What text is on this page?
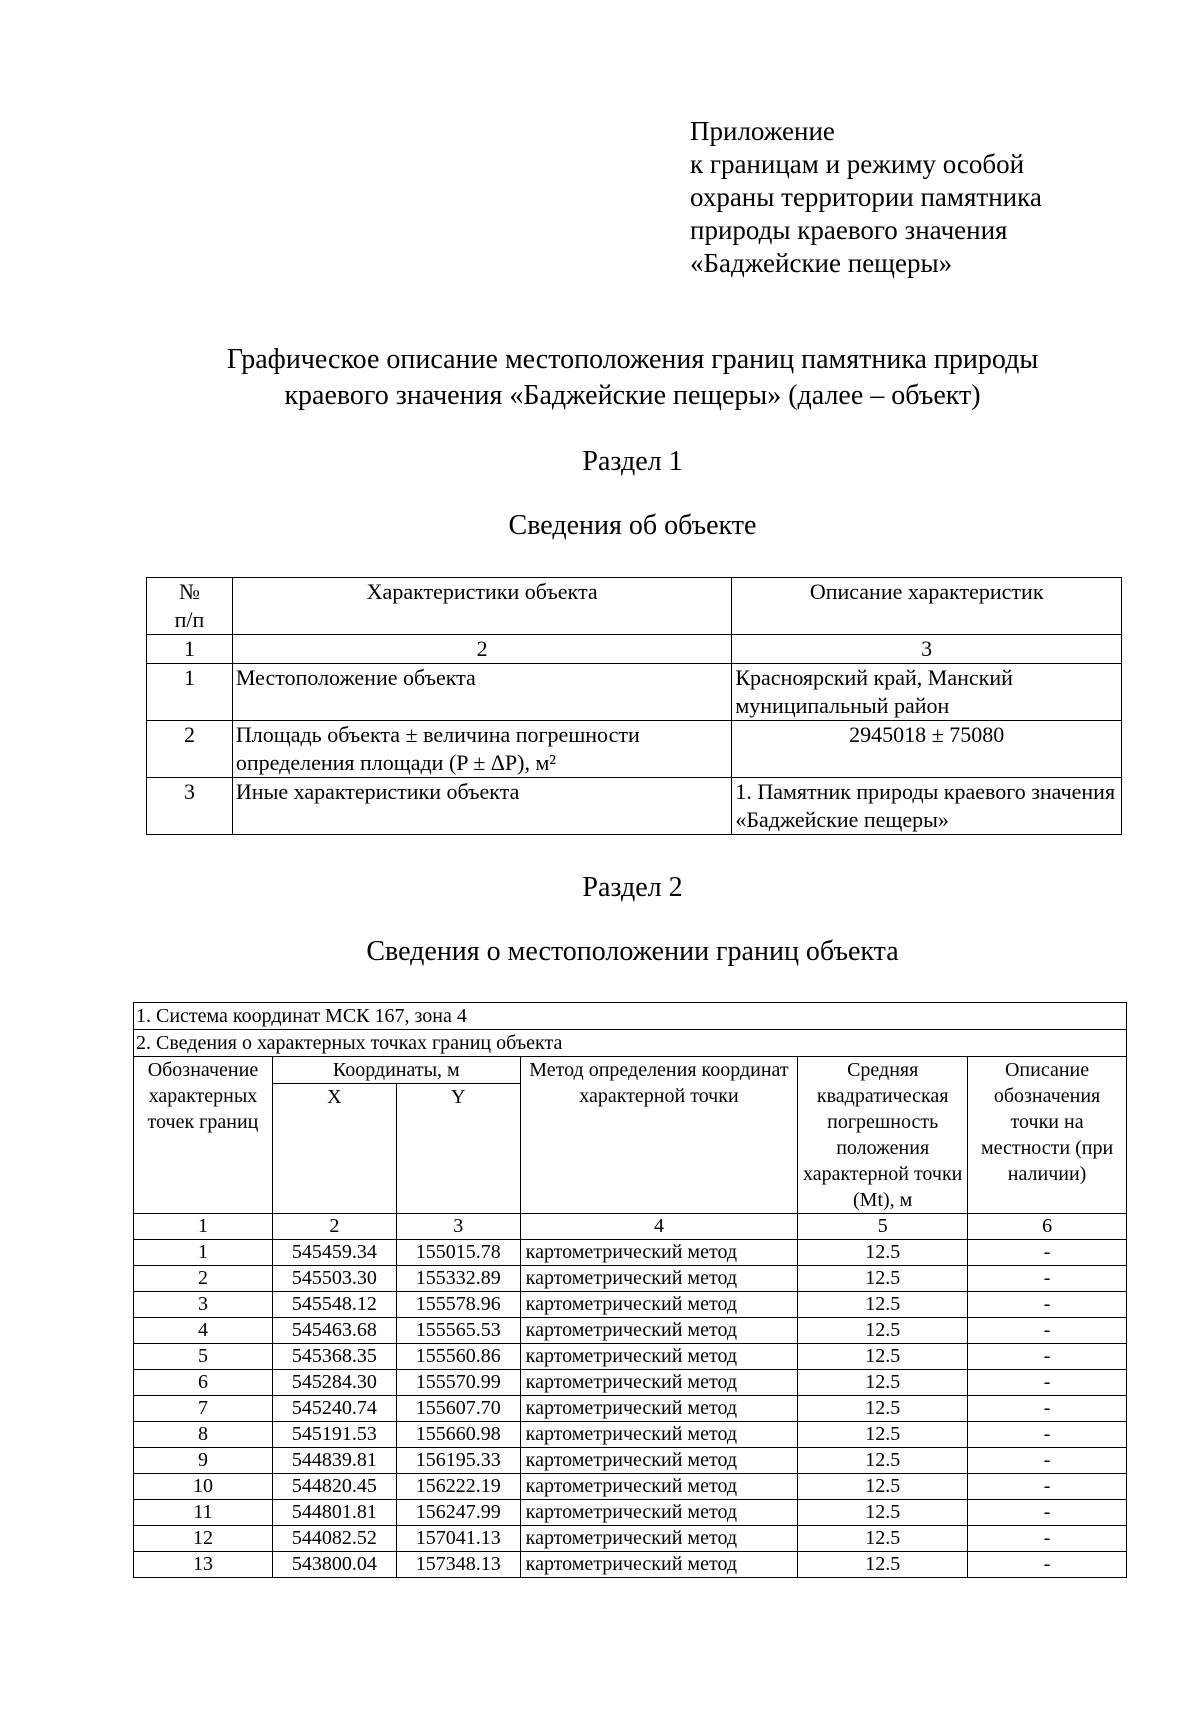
Приложение
к границам и режиму особой
охраны территории памятника
природы краевого значения
«Баджейские пещеры»
Графическое описание местоположения границ памятника природы
краевого значения «Баджейские пещеры» (далее – объект)
Раздел 1
Сведения об объекте
№
п/п	Характеристики объекта	Описание характеристик
1	2	3
1	Местоположение объекта	Красноярский край, Манский муниципальный район
2	Площадь объекта ± величина погрешности определения площади (P ± ΔP), м²	2945018 ± 75080
3	Иные характеристики объекта	1. Памятник природы краевого значения «Баджейские пещеры»
Раздел 2
Сведения о местоположении границ объекта
1. Система координат МСК 167, зона 4					
2. Сведения о характерных точках границ объекта					
Обозначение характерных точек границ	Координаты, м		Метод определения координат характерной точки	Средняя квадратическая погрешность положения характерной точки (Mt), м	Описание обозначения точки на местности (при наличии)
	X	Y			
1	2	3	4	5	6
1	545459.34	155015.78	картометрический метод	12.5	-
2	545503.30	155332.89	картометрический метод	12.5	-
3	545548.12	155578.96	картометрический метод	12.5	-
4	545463.68	155565.53	картометрический метод	12.5	-
5	545368.35	155560.86	картометрический метод	12.5	-
6	545284.30	155570.99	картометрический метод	12.5	-
7	545240.74	155607.70	картометрический метод	12.5	-
8	545191.53	155660.98	картометрический метод	12.5	-
9	544839.81	156195.33	картометрический метод	12.5	-
10	544820.45	156222.19	картометрический метод	12.5	-
11	544801.81	156247.99	картометрический метод	12.5	-
12	544082.52	157041.13	картометрический метод	12.5	-
13	543800.04	157348.13	картометрический метод	12.5	-
